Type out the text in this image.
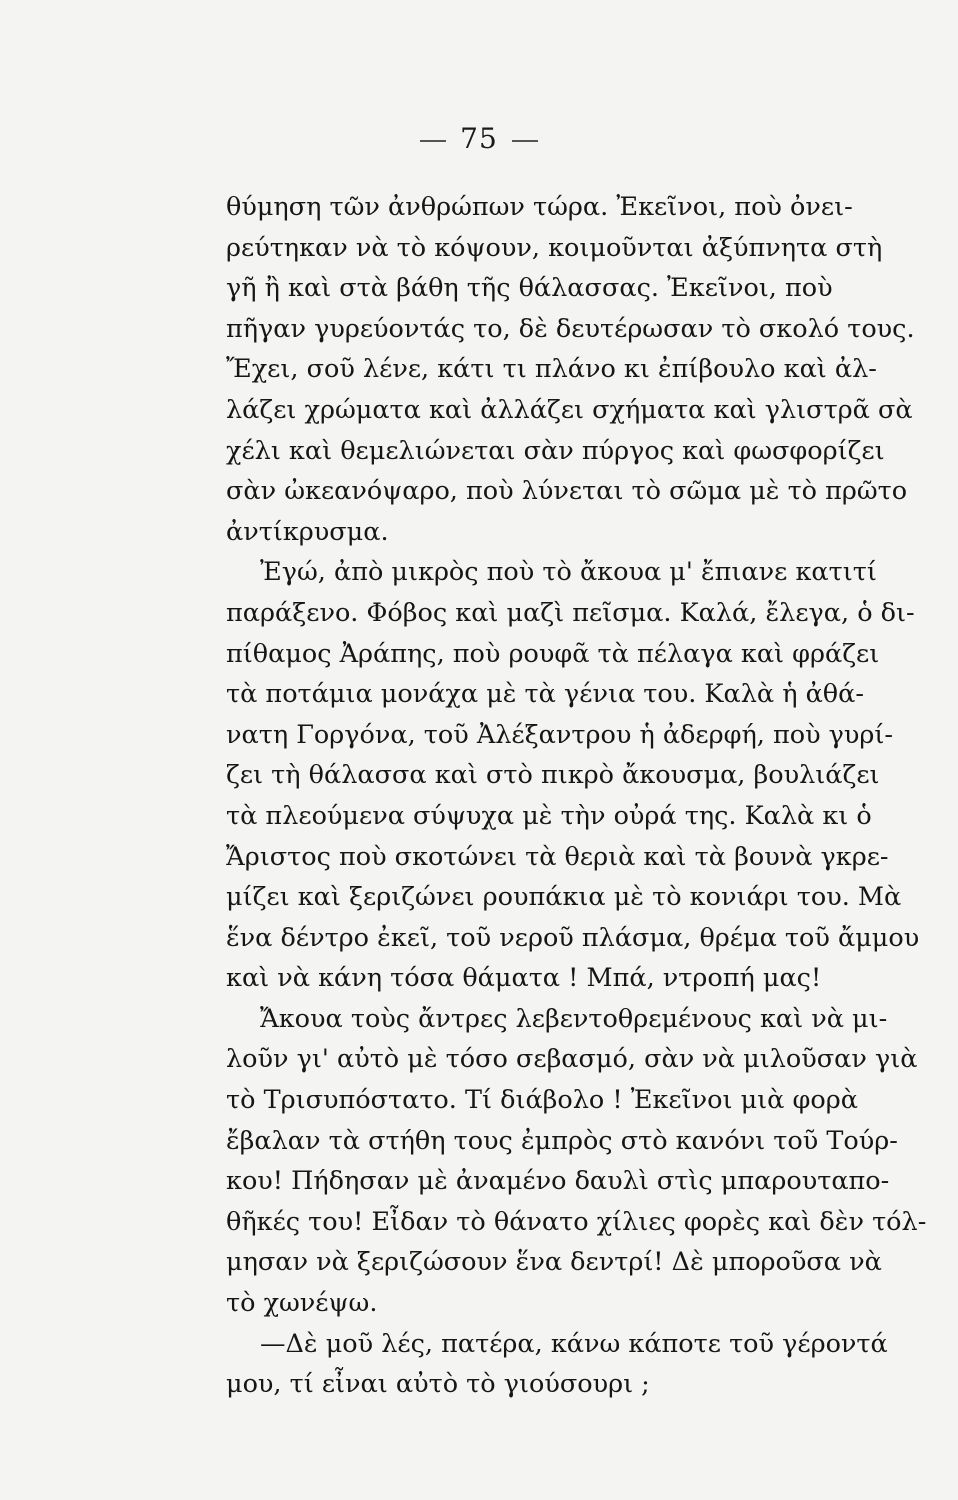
75
θύμηση τῶν ἀνθρώπων τώρα. Ἐκεῖνοι, ποὺ ὀνει-
ρεύτηκαν νὰ τὸ κόψουν, κοιμοῦνται ἀξύπνητα στὴ
γῆ ἢ καὶ στὰ βάθη τῆς θάλασσας. Ἐκεῖνοι, ποὺ
πῆγαν γυρεύοντάς το, δὲ δευτέρωσαν τὸ σκολό τους.
Ἔχει, σοῦ λένε, κάτι τι πλάνο κι ἐπίβουλο καὶ ἀλ-
λάζει χρώματα καὶ ἀλλάζει σχήματα καὶ γλιστρᾶ σὰ
χέλι καὶ θεμελιώνεται σὰν πύργος καὶ φωσφορίζει
σὰν ὠκεανόψαρο, ποὺ λύνεται τὸ σῶμα μὲ τὸ πρῶτο
ἀντίκρυσμα.
Ἐγώ, ἀπὸ μικρὸς ποὺ τὸ ἄκουα μ' ἔπιανε κατιτί
παράξενο. Φόβος καὶ μαζὶ πεῖσμα. Καλά, ἔλεγα, ὁ δι-
πίθαμος Ἀράπης, ποὺ ρουφᾶ τὰ πέλαγα καὶ φράζει
τὰ ποτάμια μονάχα μὲ τὰ γένια του. Καλὰ ἡ ἀθά-
νατη Γοργόνα, τοῦ Ἀλέξαντρου ἡ ἀδερφή, ποὺ γυρί-
ζει τὴ θάλασσα καὶ στὸ πικρὸ ἄκουσμα, βουλιάζει
τὰ πλεούμενα σύψυχα μὲ τὴν οὐρά της. Καλὰ κι ὁ
Ἄριστος ποὺ σκοτώνει τὰ θεριὰ καὶ τὰ βουνὰ γκρε-
μίζει καὶ ξεριζώνει ρουπάκια μὲ τὸ κονιάρι του. Μὰ
ἕνα δέντρο ἐκεῖ, τοῦ νεροῦ πλάσμα, θρέμα τοῦ ἄμμου
καὶ νὰ κάνη τόσα θάματα ! Μπά, ντροπή μας!
Ἄκουα τοὺς ἄντρες λεβεντοθρεμένους καὶ νὰ μι-
λοῦν γι' αὐτὸ μὲ τόσο σεβασμό, σὰν νὰ μιλοῦσαν γιὰ
τὸ Τρισυπόστατο. Τί διάβολο ! Ἐκεῖνοι μιὰ φορὰ
ἔβαλαν τὰ στήθη τους ἐμπρὸς στὸ κανόνι τοῦ Τούρ-
κου! Πήδησαν μὲ ἀναμένο δαυλὶ στὶς μπαρουταπο-
θῆκές του! Εἶδαν τὸ θάνατο χίλιες φορὲς καὶ δὲν τόλ-
μησαν νὰ ξεριζώσουν ἕνα δεντρί! Δὲ μποροῦσα νὰ
τὸ χωνέψω.
—Δὲ μοῦ λές, πατέρα, κάνω κάποτε τοῦ γέροντά
μου, τί εἶναι αὐτὸ τὸ γιούσουρι ;
